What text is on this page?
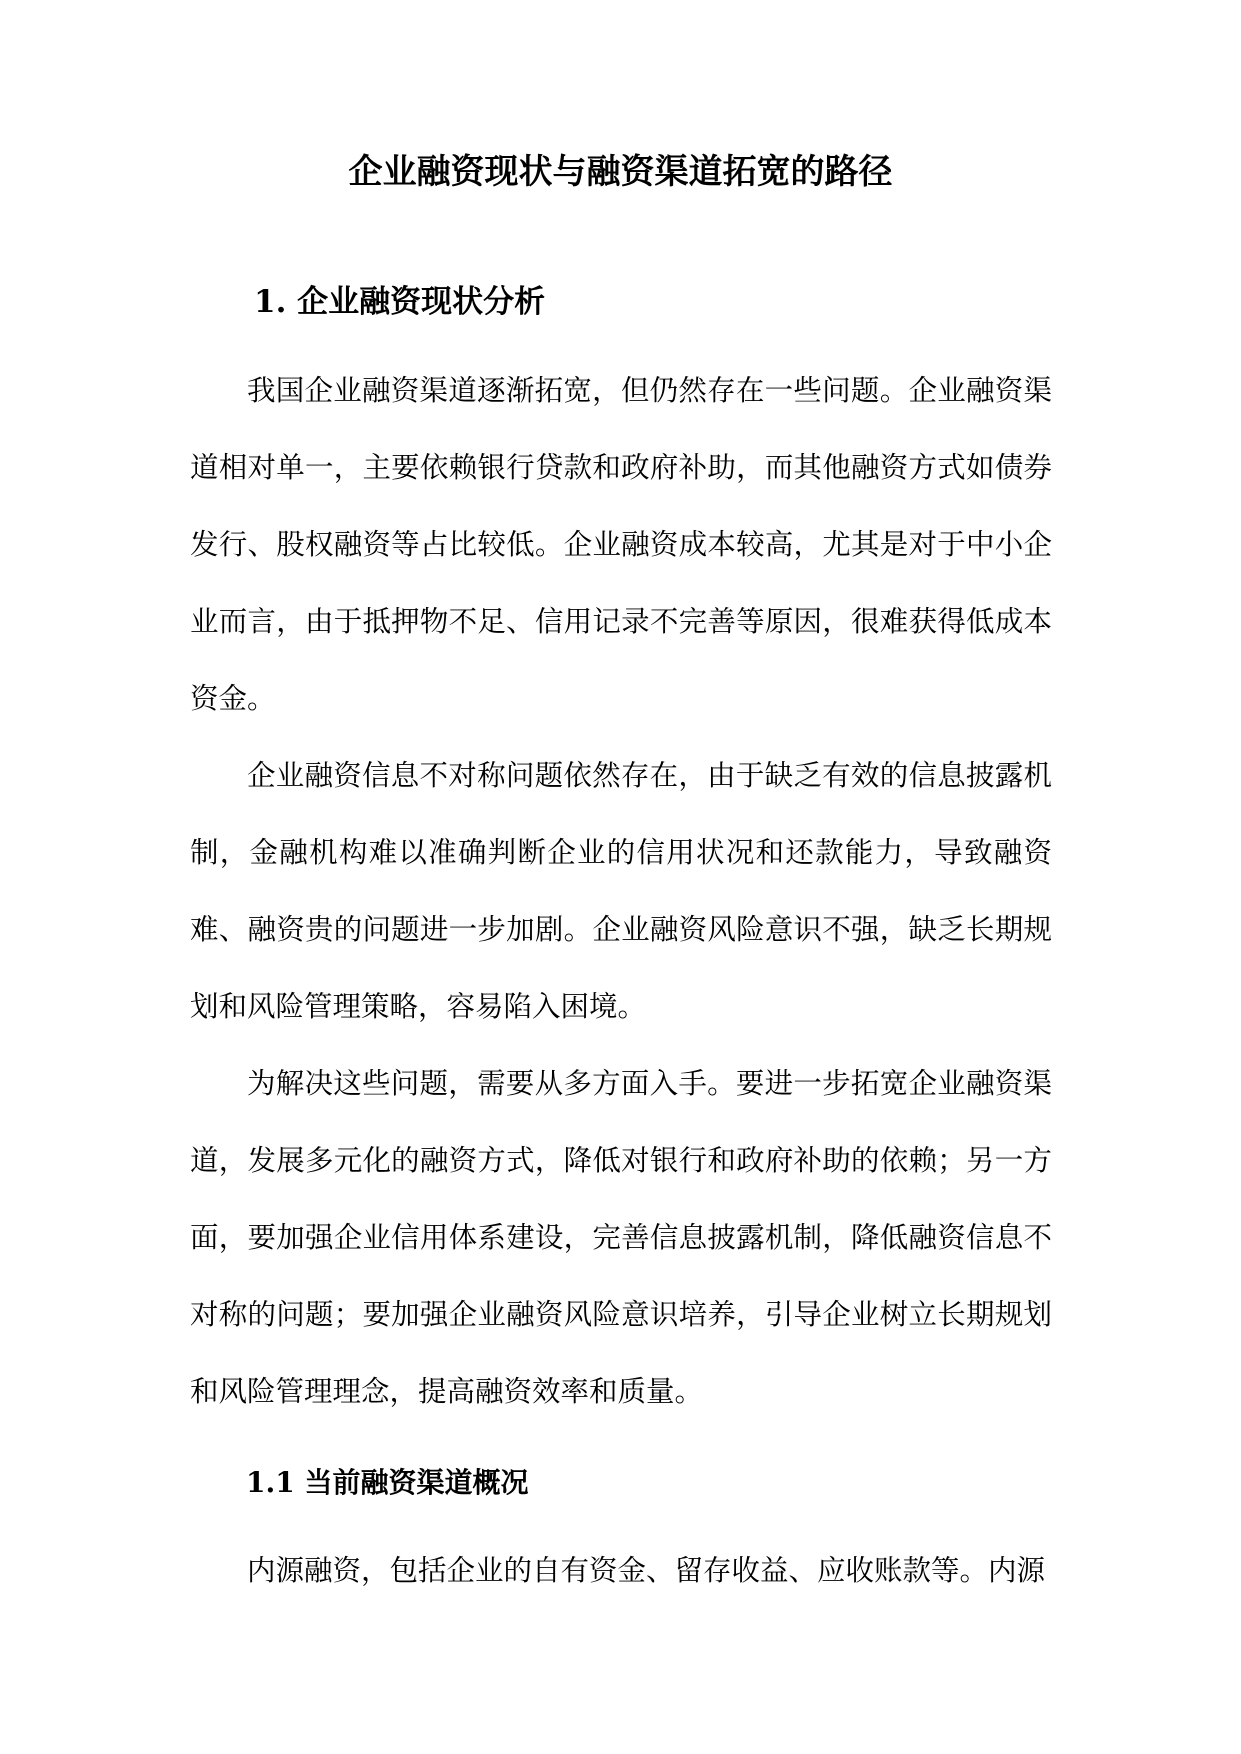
企业融资现状与融资渠道拓宽的路径
1. 企业融资现状分析

我国企业融资渠道逐渐拓宽，但仍然存在一些问题。企业融资渠道相对单一，主要依赖银行贷款和政府补助，而其他融资方式如债券发行、股权融资等占比较低。企业融资成本较高，尤其是对于中小企业而言，由于抵押物不足、信用记录不完善等原因，很难获得低成本资金。

企业融资信息不对称问题依然存在，由于缺乏有效的信息披露机制，金融机构难以准确判断企业的信用状况和还款能力，导致融资难、融资贵的问题进一步加剧。企业融资风险意识不强，缺乏长期规划和风险管理策略，容易陷入困境。

为解决这些问题，需要从多方面入手。要进一步拓宽企业融资渠道，发展多元化的融资方式，降低对银行和政府补助的依赖；另一方面，要加强企业信用体系建设，完善信息披露机制，降低融资信息不对称的问题；要加强企业融资风险意识培养，引导企业树立长期规划和风险管理理念，提高融资效率和质量。

1.1 当前融资渠道概况

内源融资，包括企业的自有资金、留存收益、应收账款等。内源
